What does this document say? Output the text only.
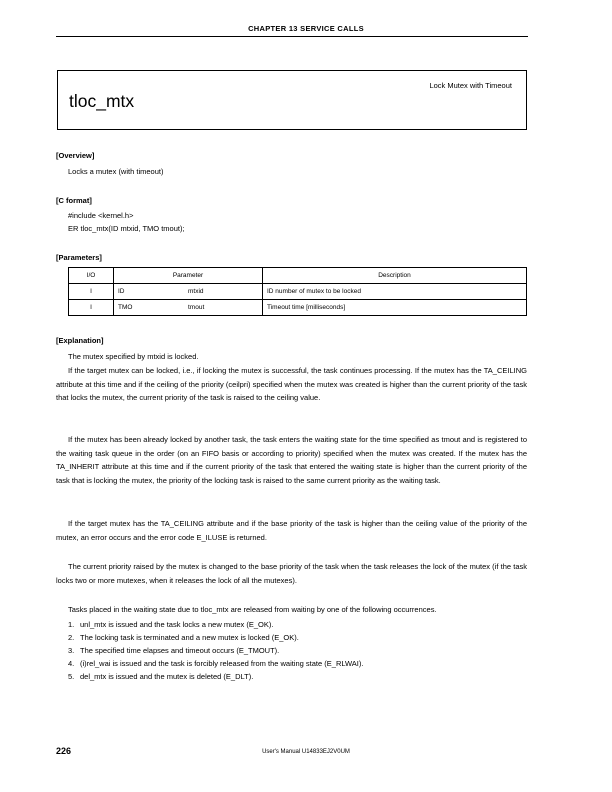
CHAPTER 13 SERVICE CALLS
tloc_mtx
Lock Mutex with Timeout
[Overview]
Locks a mutex (with timeout)
[C format]
#include <kernel.h>
ER tloc_mtx(ID mtxid, TMO tmout);
[Parameters]
I/O	Parameter	Description
I	ID mtxid	ID number of mutex to be locked
I	TMO tmout	Timeout time [milliseconds]
[Explanation]

The mutex specified by mtxid is locked.

If the target mutex can be locked, i.e., if locking the mutex is successful, the task continues processing. If the mutex has the TA_CEILING attribute at this time and if the ceiling of the priority (ceilpri) specified when the mutex was created is higher than the current priority of the task that locks the mutex, the current priority of the task is raised to the ceiling value.

If the mutex has been already locked by another task, the task enters the waiting state for the time specified as tmout and is registered to the waiting task queue in the order (on an FIFO basis or according to priority) specified when the mutex was created. If the mutex has the TA_INHERIT attribute at this time and if the current priority of the task that entered the waiting state is higher than the current priority of the task that is locking the mutex, the priority of the locking task is raised to the same current priority as the waiting task.

If the target mutex has the TA_CEILING attribute and if the base priority of the task is higher than the ceiling value of the priority of the mutex, an error occurs and the error code E_ILUSE is returned.

The current priority raised by the mutex is changed to the base priority of the task when the task releases the lock of the mutex (if the task locks two or more mutexes, when it releases the lock of all the mutexes).

Tasks placed in the waiting state due to tloc_mtx are released from waiting by one of the following occurrences.

1. unl_mtx is issued and the task locks a new mutex (E_OK).
2. The locking task is terminated and a new mutex is locked (E_OK).
3. The specified time elapses and timeout occurs (E_TMOUT).
4. (i)rel_wai is issued and the task is forcibly released from the waiting state (E_RLWAI).
5. del_mtx is issued and the mutex is deleted (E_DLT).
226	User's Manual U14833EJ2V0UM
